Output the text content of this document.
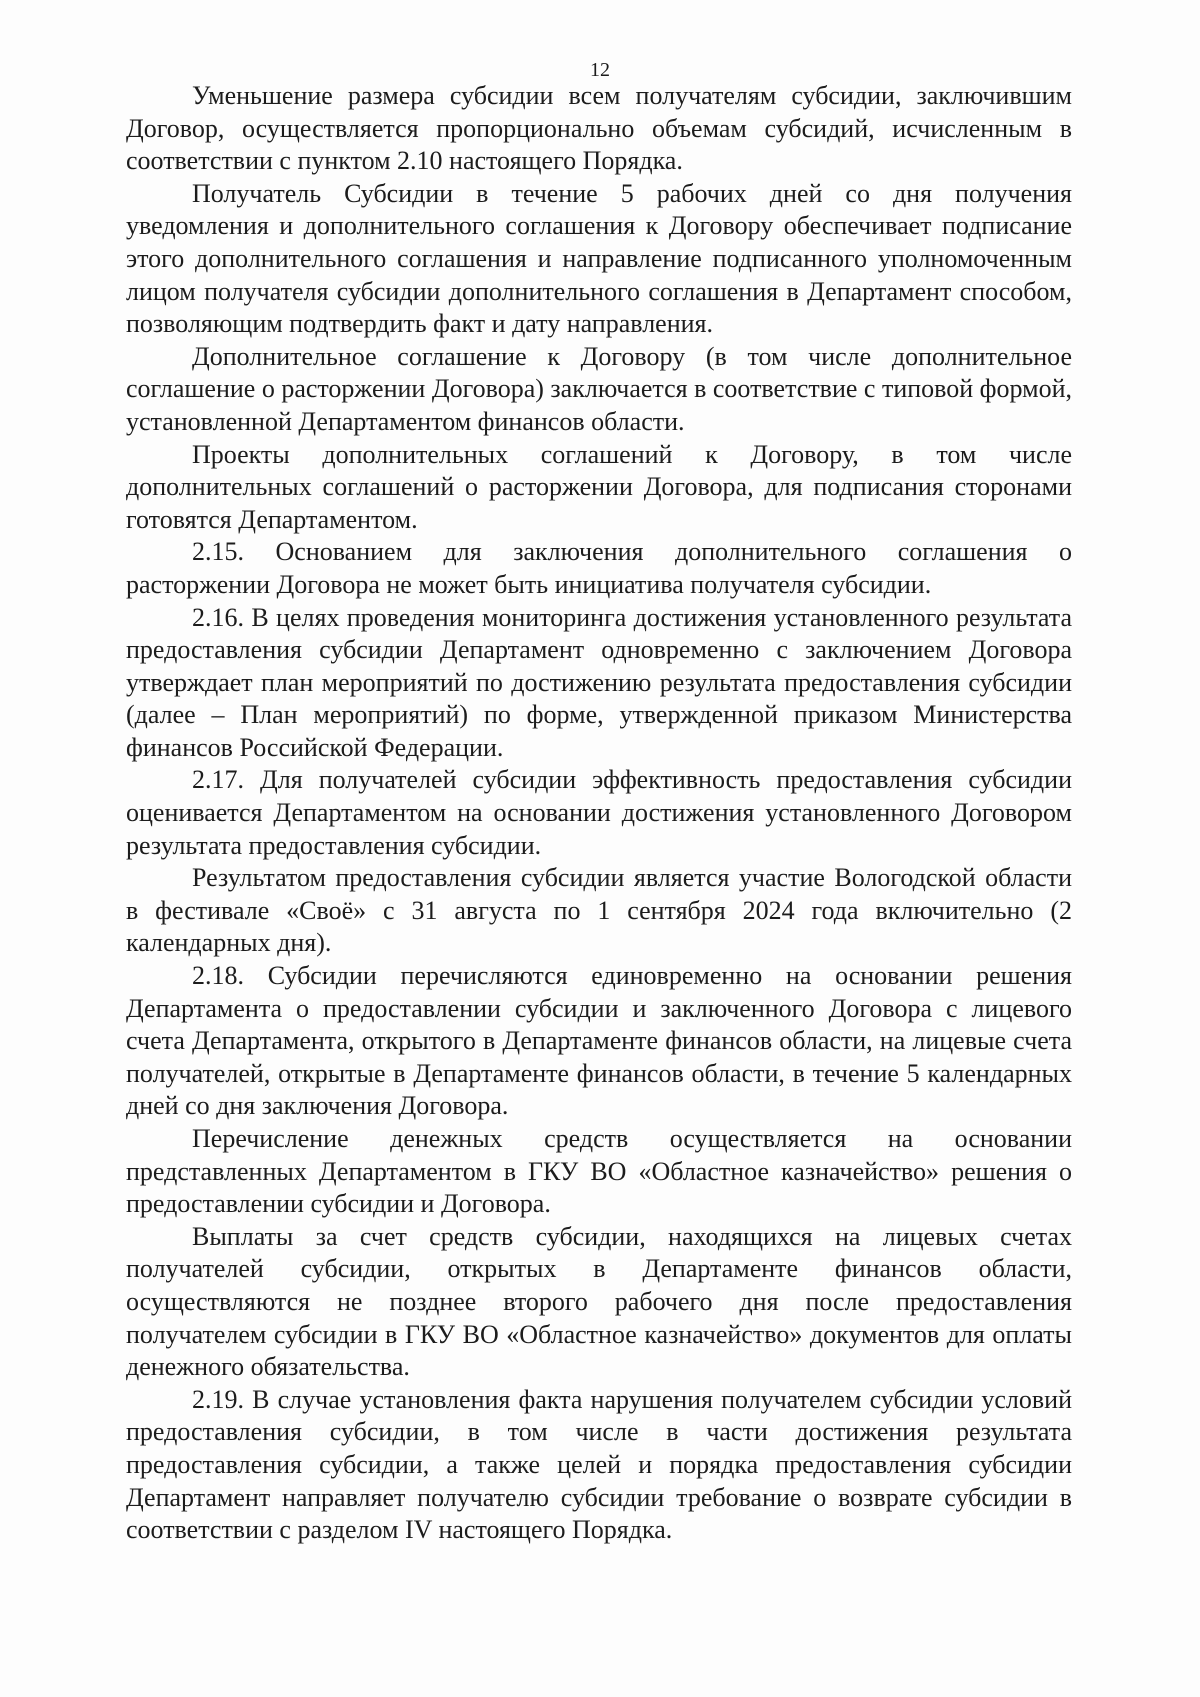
12

Уменьшение размера субсидии всем получателям субсидии, заключившим Договор, осуществляется пропорционально объемам субсидий, исчисленным в соответствии с пунктом 2.10 настоящего Порядка.

Получатель Субсидии в течение 5 рабочих дней со дня получения уведомления и дополнительного соглашения к Договору обеспечивает подписание этого дополнительного соглашения и направление подписанного уполномоченным лицом получателя субсидии дополнительного соглашения в Департамент способом, позволяющим подтвердить факт и дату направления.

Дополнительное соглашение к Договору (в том числе дополнительное соглашение о расторжении Договора) заключается в соответствие с типовой формой, установленной Департаментом финансов области.

Проекты дополнительных соглашений к Договору, в том числе дополнительных соглашений о расторжении Договора, для подписания сторонами готовятся Департаментом.

2.15. Основанием для заключения дополнительного соглашения о расторжении Договора не может быть инициатива получателя субсидии.

2.16. В целях проведения мониторинга достижения установленного результата предоставления субсидии Департамент одновременно с заключением Договора утверждает план мероприятий по достижению результата предоставления субсидии (далее – План мероприятий) по форме, утвержденной приказом Министерства финансов Российской Федерации.

2.17. Для получателей субсидии эффективность предоставления субсидии оценивается Департаментом на основании достижения установленного Договором результата предоставления субсидии.

Результатом предоставления субсидии является участие Вологодской области в фестивале «Своё» с 31 августа по 1 сентября 2024 года включительно (2 календарных дня).

2.18. Субсидии перечисляются единовременно на основании решения Департамента о предоставлении субсидии и заключенного Договора с лицевого счета Департамента, открытого в Департаменте финансов области, на лицевые счета получателей, открытые в Департаменте финансов области, в течение 5 календарных дней со дня заключения Договора.

Перечисление денежных средств осуществляется на основании представленных Департаментом в ГКУ ВО «Областное казначейство» решения о предоставлении субсидии и Договора.

Выплаты за счет средств субсидии, находящихся на лицевых счетах получателей субсидии, открытых в Департаменте финансов области, осуществляются не позднее второго рабочего дня после предоставления получателем субсидии в ГКУ ВО «Областное казначейство» документов для оплаты денежного обязательства.

2.19. В случае установления факта нарушения получателем субсидии условий предоставления субсидии, в том числе в части достижения результата предоставления субсидии, а также целей и порядка предоставления субсидии Департамент направляет получателю субсидии требование о возврате субсидии в соответствии с разделом IV настоящего Порядка.
